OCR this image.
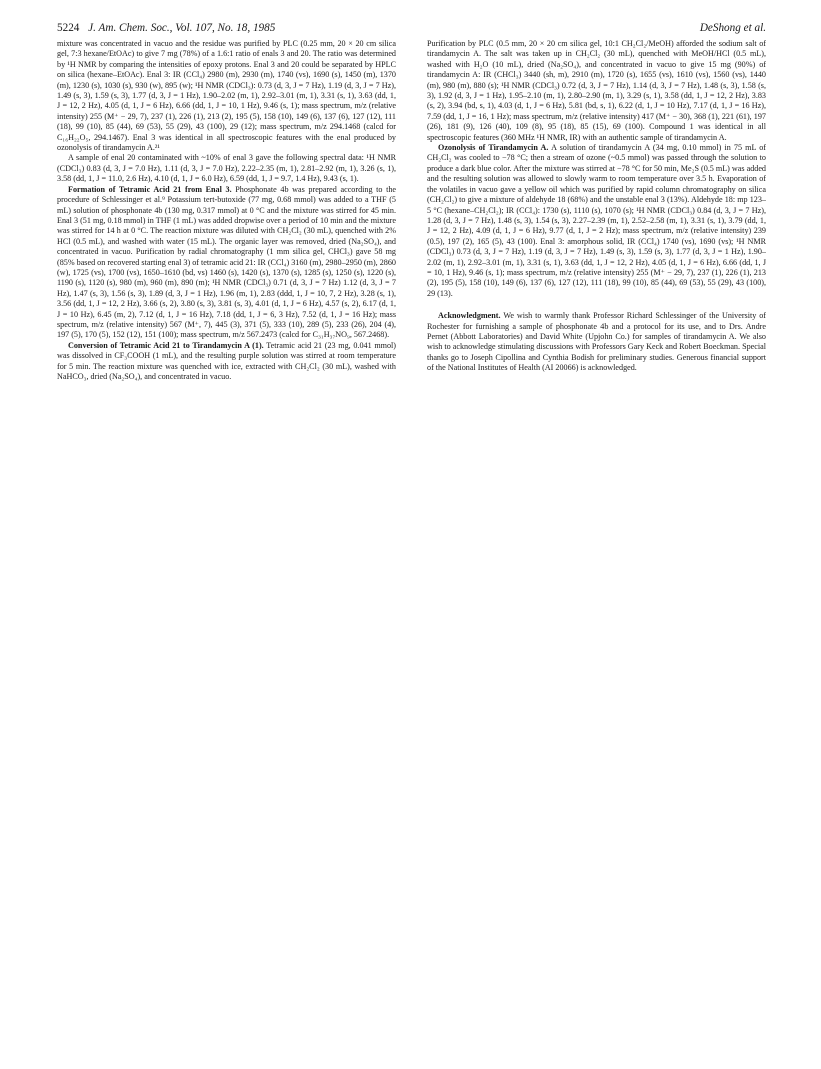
5224 J. Am. Chem. Soc., Vol. 107, No. 18, 1985	DeShong et al.

mixture was concentrated in vacuo and the residue was purified by PLC (0.25 mm, 20 × 20 cm silica gel, 7:3 hexane/EtOAc) to give 7 mg (78%) of a 1.6:1 ratio of enals 3 and 20. The ratio was determined by ¹H NMR by comparing the intensities of epoxy protons. Enal 3 and 20 could be separated by HPLC on silica (hexane–EtOAc). Enal 3: IR (CCl₄) 2980 (m), 2930 (m), 1740 (vs), 1690 (s), 1450 (m), 1370 (m), 1230 (s), 1030 (s), 930 (w), 895 (w); ¹H NMR (CDCl₃): 0.73 (d, 3, J = 7 Hz), 1.19 (d, 3, J = 7 Hz), 1.49 (s, 3), 1.59 (s, 3), 1.77 (d, 3, J = 1 Hz), 1.90–2.02 (m, 1), 2.92–3.01 (m, 1), 3.31 (s, 1), 3.63 (dd, 1, J = 12, 2 Hz), 4.05 (d, 1, J = 6 Hz), 6.66 (dd, 1, J = 10, 1 Hz), 9.46 (s, 1); mass spectrum, m/z (relative intensity) 255 (M⁺ − 29, 7), 237 (1), 226 (1), 213 (2), 195 (5), 158 (10), 149 (6), 137 (6), 127 (12), 111 (18), 99 (10), 85 (44), 69 (53), 55 (29), 43 (100), 29 (12); mass spectrum, m/z 294.1468 (calcd for C₁₆H₂₂O₅, 294.1467). Enal 3 was identical in all spectroscopic features with the enal produced by ozonolysis of tirandamycin A.²¹

A sample of enal 20 contaminated with ~10% of enal 3 gave the following spectral data: ¹H NMR (CDCl₃) 0.83 (d, 3, J = 7.0 Hz), 1.11 (d, 3, J = 7.0 Hz), 2.22–2.35 (m, 1), 2.81–2.92 (m, 1), 3.26 (s, 1), 3.58 (dd, 1, J = 11.0, 2.6 Hz), 4.10 (d, 1, J = 6.0 Hz), 6.59 (dd, 1, J = 9.7, 1.4 Hz), 9.43 (s, 1).

Formation of Tetramic Acid 21 from Enal 3. Phosphonate 4b was prepared according to the procedure of Schlessinger et al.⁹ Potassium tert-butoxide (77 mg, 0.68 mmol) was added to a THF (5 mL) solution of phosphonate 4b (130 mg, 0.317 mmol) at 0 °C and the mixture was stirred for 45 min. Enal 3 (51 mg, 0.18 mmol) in THF (1 mL) was added dropwise over a period of 10 min and the mixture was stirred for 14 h at 0 °C. The reaction mixture was diluted with CH₂Cl₂ (30 mL), quenched with 2% HCl (0.5 mL), and washed with water (15 mL). The organic layer was removed, dried (Na₂SO₄), and concentrated in vacuo. Purification by radial chromatography (1 mm silica gel, CHCl₃) gave 58 mg (85% based on recovered starting enal 3) of tetramic acid 21: IR (CCl₄) 3160 (m), 2980–2950 (m), 2860 (w), 1725 (vs), 1700 (vs), 1650–1610 (bd, vs) 1460 (s), 1420 (s), 1370 (s), 1285 (s), 1250 (s), 1220 (s), 1190 (s), 1120 (s), 980 (m), 960 (m), 890 (m); ¹H NMR (CDCl₃) 0.71 (d, 3, J = 7 Hz) 1.12 (d, 3, J = 7 Hz), 1.47 (s, 3), 1.56 (s, 3), 1.89 (d, 3, J = 1 Hz), 1.96 (m, 1), 2.83 (ddd, 1, J = 10, 7, 2 Hz), 3.28 (s, 1), 3.56 (dd, 1, J = 12, 2 Hz), 3.66 (s, 2), 3.80 (s, 3), 3.81 (s, 3), 4.01 (d, 1, J = 6 Hz), 4.57 (s, 2), 6.17 (d, 1, J = 10 Hz), 6.45 (m, 2), 7.12 (d, 1, J = 16 Hz), 7.18 (dd, 1, J = 6, 3 Hz), 7.52 (d, 1, J = 16 Hz); mass spectrum, m/z (relative intensity) 567 (M⁺, 7), 445 (3), 371 (5), 333 (10), 289 (5), 233 (26), 204 (4), 197 (5), 170 (5), 152 (12), 151 (100); mass spectrum, m/z 567.2473 (calcd for C₃₁H₃₇NO₉, 567.2468).

Conversion of Tetramic Acid 21 to Tirandamycin A (1). Tetramic acid 21 (23 mg, 0.041 mmol) was dissolved in CF₃COOH (1 mL), and the resulting purple solution was stirred at room temperature for 5 min. The reaction mixture was quenched with ice, extracted with CH₂Cl₂ (30 mL), washed with NaHCO₃, dried (Na₂SO₄), and concentrated in vacuo.

Purification by PLC (0.5 mm, 20 × 20 cm silica gel, 10:1 CH₂Cl₂/MeOH) afforded the sodium salt of tirandamycin A. The salt was taken up in CH₂Cl₂ (30 mL), quenched with MeOH/HCl (0.5 mL), washed with H₂O (10 mL), dried (Na₂SO₄), and concentrated in vacuo to give 15 mg (90%) of tirandamycin A: IR (CHCl₃) 3440 (sh, m), 2910 (m), 1720 (s), 1655 (vs), 1610 (vs), 1560 (vs), 1440 (m), 980 (m), 880 (s); ¹H NMR (CDCl₃) 0.72 (d, 3, J = 7 Hz), 1.14 (d, 3, J = 7 Hz), 1.48 (s, 3), 1.58 (s, 3), 1.92 (d, 3, J = 1 Hz), 1.95–2.10 (m, 1), 2.80–2.90 (m, 1), 3.29 (s, 1), 3.58 (dd, 1, J = 12, 2 Hz), 3.83 (s, 2), 3.94 (bd, s, 1), 4.03 (d, 1, J = 6 Hz), 5.81 (bd, s, 1), 6.22 (d, 1, J = 10 Hz), 7.17 (d, 1, J = 16 Hz), 7.59 (dd, 1, J = 16, 1 Hz); mass spectrum, m/z (relative intensity) 417 (M⁺ − 30), 368 (1), 221 (61), 197 (26), 181 (9), 126 (40), 109 (8), 95 (18), 85 (15), 69 (100). Compound 1 was identical in all spectroscopic features (360 MHz ¹H NMR, IR) with an authentic sample of tirandamycin A.

Ozonolysis of Tirandamycin A. A solution of tirandamycin A (34 mg, 0.10 mmol) in 75 mL of CH₂Cl₂ was cooled to −78 °C; then a stream of ozone (~0.5 mmol) was passed through the solution to produce a dark blue color. After the mixture was stirred at −78 °C for 50 min, Me₂S (0.5 mL) was added and the resulting solution was allowed to slowly warm to room temperature over 3.5 h. Evaporation of the volatiles in vacuo gave a yellow oil which was purified by rapid column chromatography on silica (CH₂Cl₂) to give a mixture of aldehyde 18 (68%) and the unstable enal 3 (13%). Aldehyde 18: mp 123–5 °C (hexane–CH₂Cl₂); IR (CCl₄): 1730 (s), 1110 (s), 1070 (s); ¹H NMR (CDCl₃) 0.84 (d, 3, J = 7 Hz), 1.28 (d, 3, J = 7 Hz), 1.48 (s, 3), 1.54 (s, 3), 2.27–2.39 (m, 1), 2.52–2.58 (m, 1), 3.31 (s, 1), 3.79 (dd, 1, J = 12, 2 Hz), 4.09 (d, 1, J = 6 Hz), 9.77 (d, 1, J = 2 Hz); mass spectrum, m/z (relative intensity) 239 (0.5), 197 (2), 165 (5), 43 (100). Enal 3: amorphous solid, IR (CCl₄) 1740 (vs), 1690 (vs); ¹H NMR (CDCl₃) 0.73 (d, 3, J = 7 Hz), 1.19 (d, 3, J = 7 Hz), 1.49 (s, 3), 1.59 (s, 3), 1.77 (d, 3, J = 1 Hz), 1.90–2.02 (m, 1), 2.92–3.01 (m, 1), 3.31 (s, 1), 3.63 (dd, 1, J = 12, 2 Hz), 4.05 (d, 1, J = 6 Hz), 6.66 (dd, 1, J = 10, 1 Hz), 9.46 (s, 1); mass spectrum, m/z (relative intensity) 255 (M⁺ − 29, 7), 237 (1), 226 (1), 213 (2), 195 (5), 158 (10), 149 (6), 137 (6), 127 (12), 111 (18), 99 (10), 85 (44), 69 (53), 55 (29), 43 (100), 29 (13).

Acknowledgment. We wish to warmly thank Professor Richard Schlessinger of the University of Rochester for furnishing a sample of phosphonate 4b and a protocol for its use, and to Drs. Andre Pernet (Abbott Laboratories) and David White (Upjohn Co.) for samples of tirandamycin A. We also wish to acknowledge stimulating discussions with Professors Gary Keck and Robert Boeckman. Special thanks go to Joseph Cipollina and Cynthia Bodish for preliminary studies. Generous financial support of the National Institutes of Health (AI 20066) is acknowledged.
